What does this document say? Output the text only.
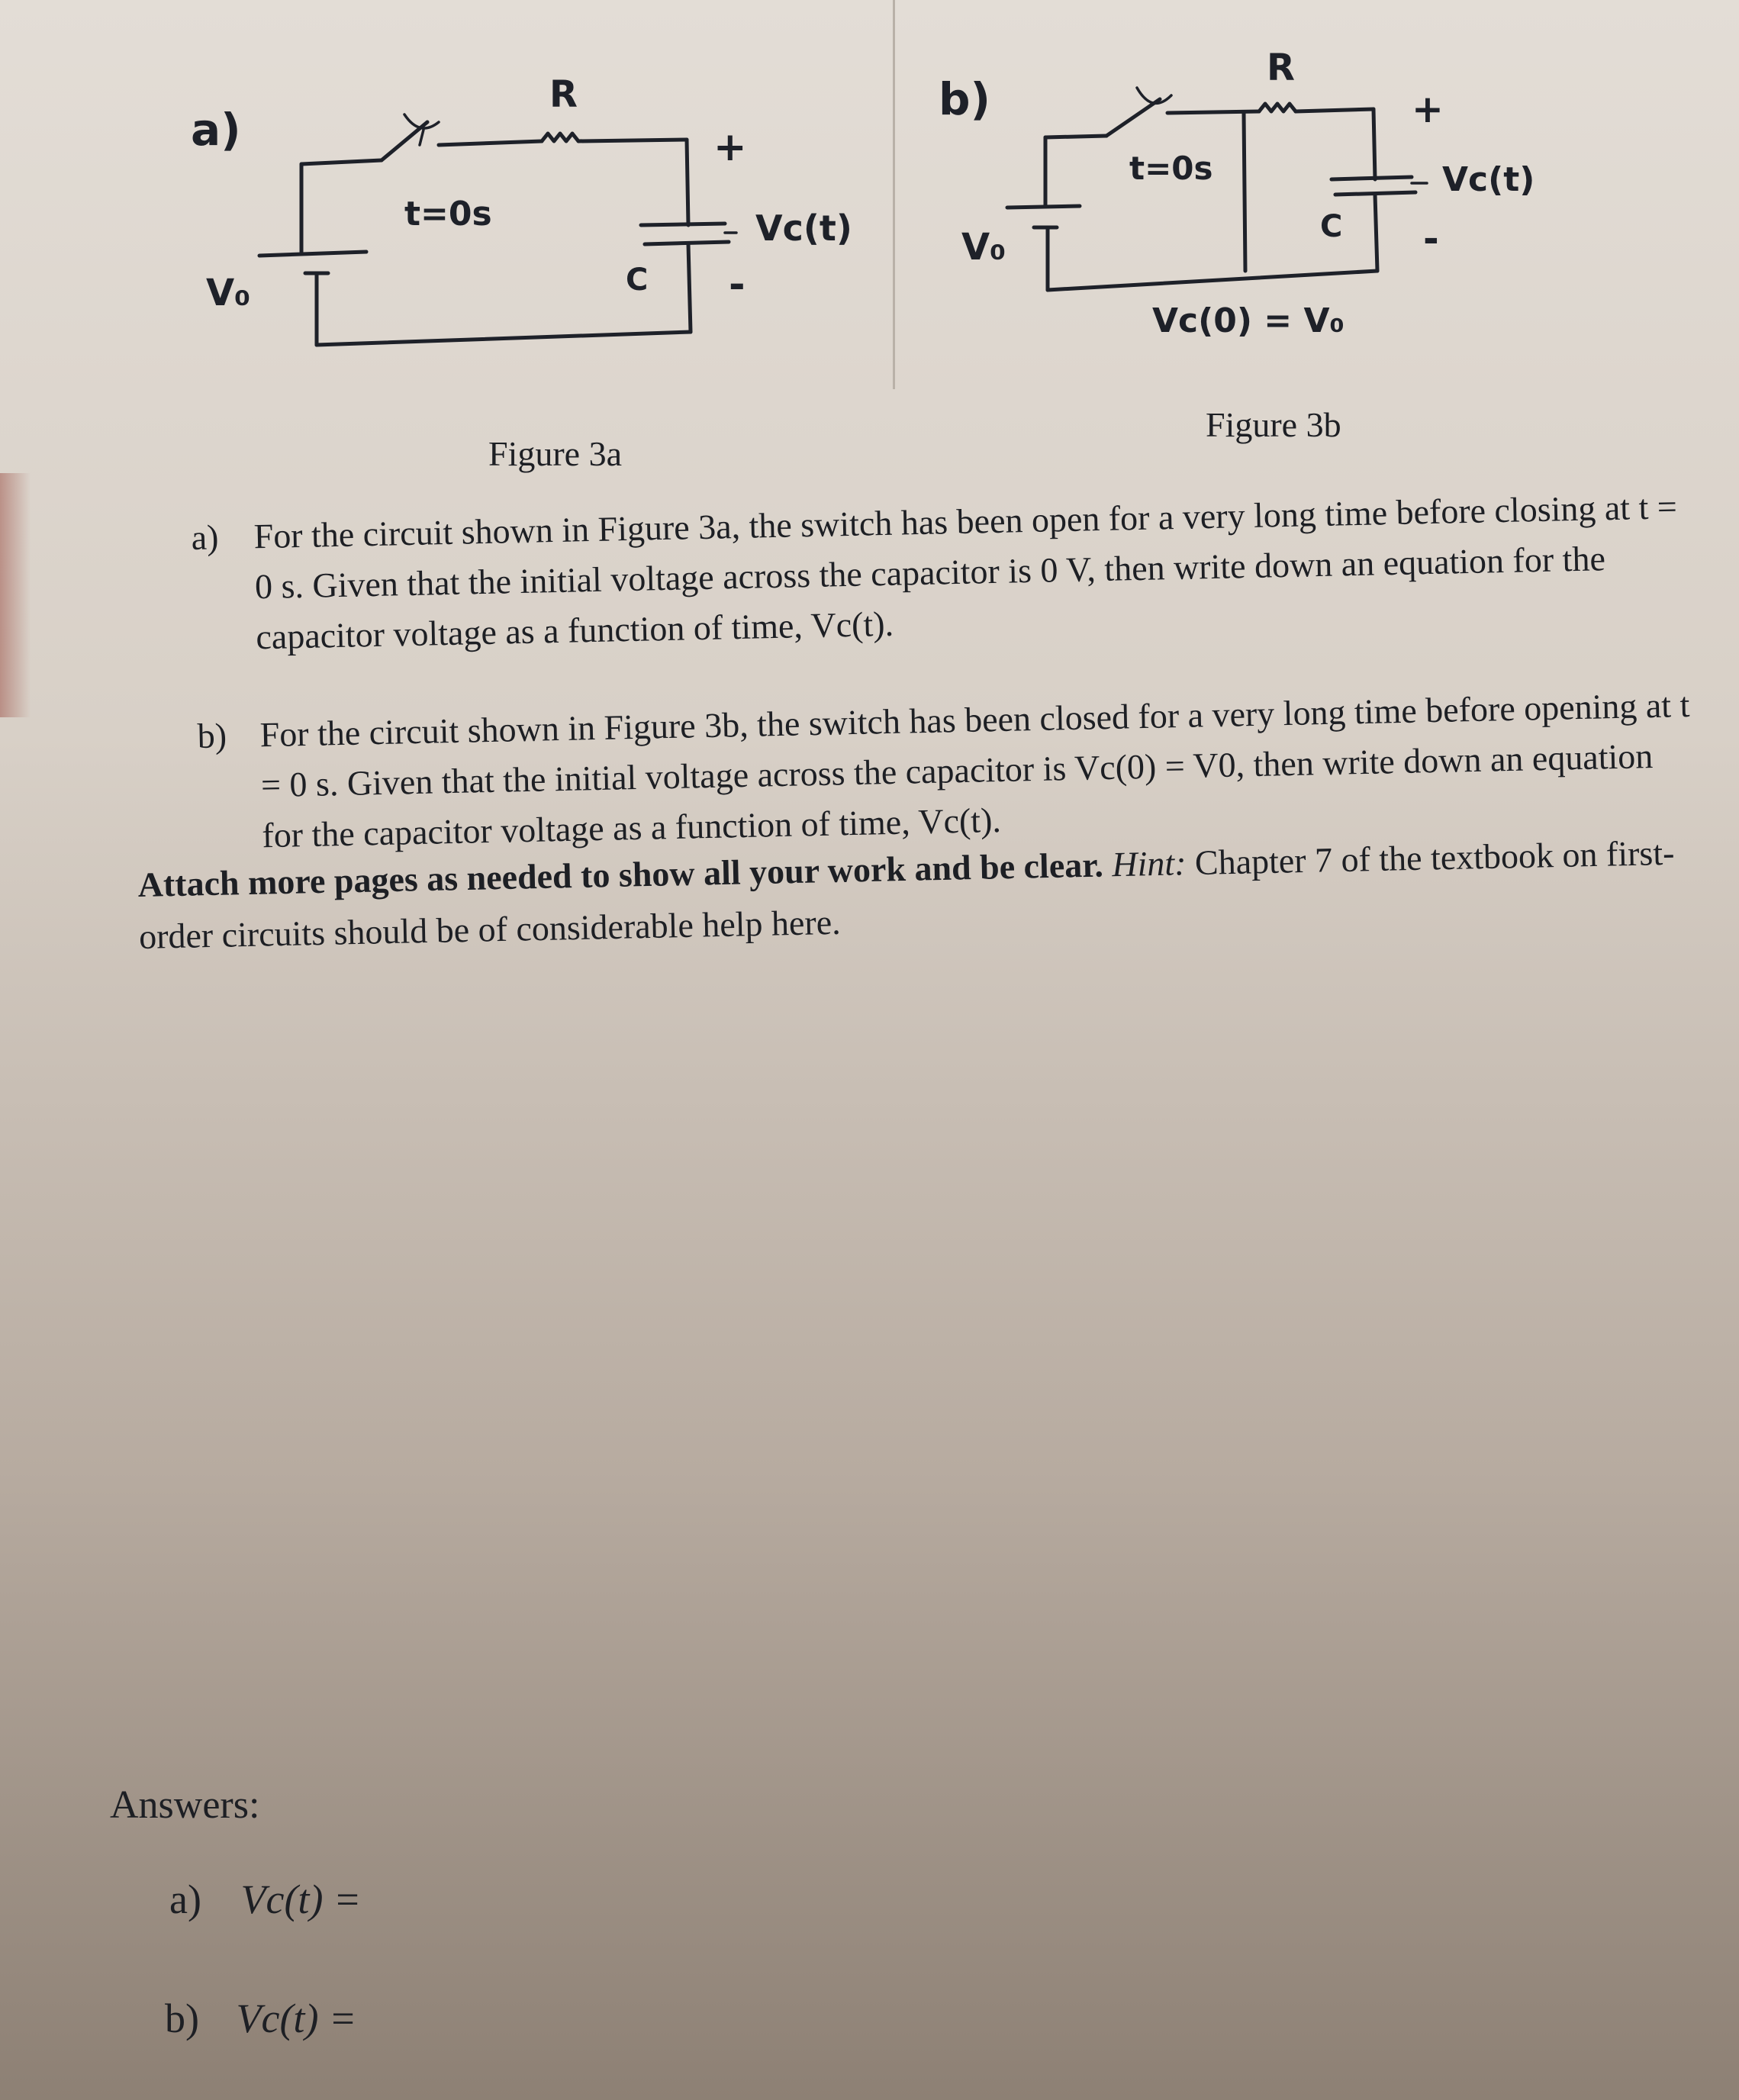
a)
R
t=0s
C
V₀
+
-
Vc(t)
b)
R
t=0s
C
V₀
+
-
Vc(t)
Vc(0) = V₀
Figure 3a
Figure 3b
a) For the circuit shown in Figure 3a, the switch has been open for a very long time before closing at t = 0 s. Given that the initial voltage across the capacitor is 0 V, then write down an equation for the capacitor voltage as a function of time, Vc(t).
b) For the circuit shown in Figure 3b, the switch has been closed for a very long time before opening at t = 0 s. Given that the initial voltage across the capacitor is Vc(0) = V0, then write down an equation for the capacitor voltage as a function of time, Vc(t).
Attach more pages as needed to show all your work and be clear. Hint: Chapter 7 of the textbook on first-order circuits should be of considerable help here.
Answers:
a) Vc(t) =
b) Vc(t) =
